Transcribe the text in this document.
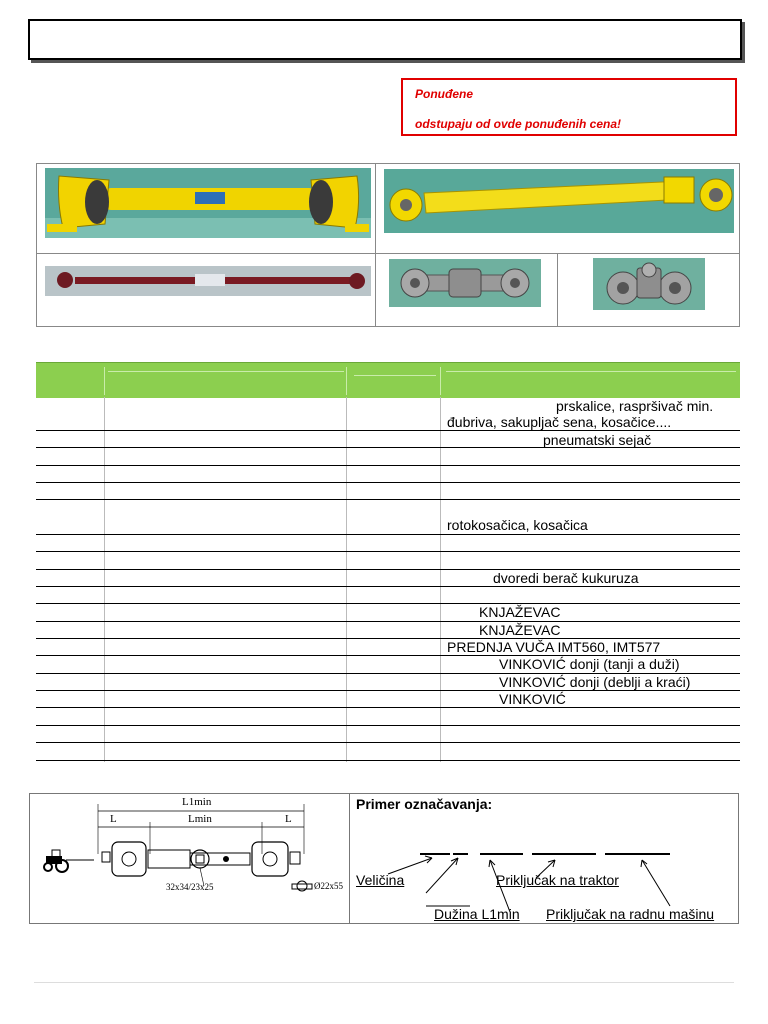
Ponuđene
odstupaju od ovde ponuđenih cena!
prskalice, raspršivač min.
đubriva, sakupljač sena, kosačice....
pneumatski sejač
rotokosačica, kosačica
dvoredi berač kukuruza
KNJAŽEVAC
KNJAŽEVAC
PREDNJA VUČA IMT560, IMT577
VINKOVIĆ donji (tanji a duži)
VINKOVIĆ donji (deblji a kraći)
VINKOVIĆ
L1min
L	Lmin	L
32x34/23x25	Ø22x55
Primer označavanja:
Veličina	Priključak na traktor
Dužina L1min Priključak na radnu mašinu
